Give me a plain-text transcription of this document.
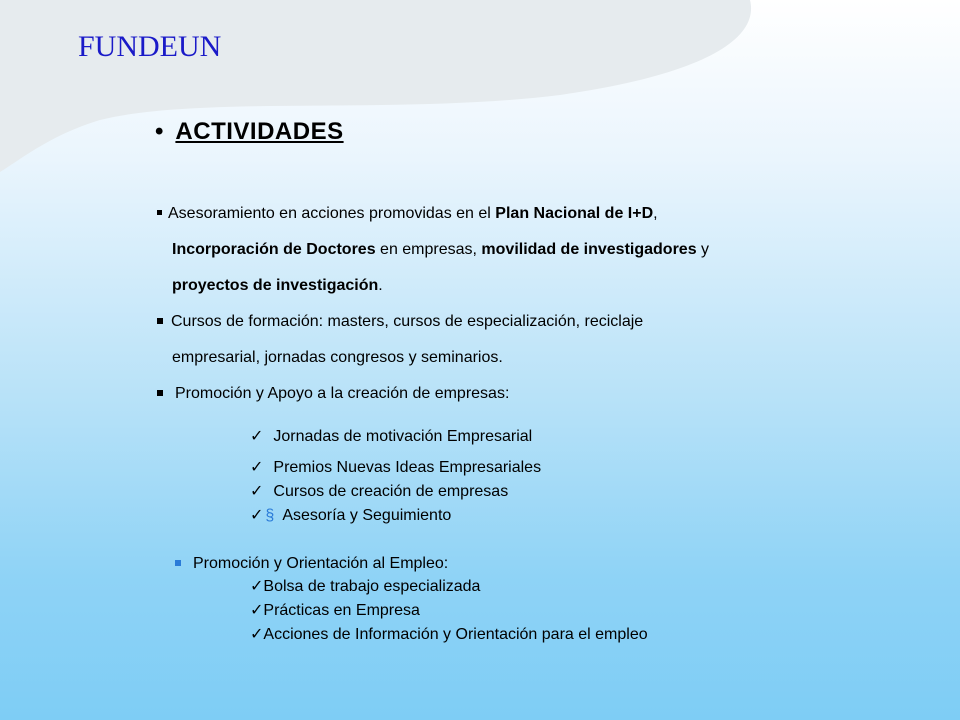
FUNDEUN
• ACTIVIDADES
Asesoramiento en acciones promovidas en el Plan Nacional de I+D,
Incorporación de Doctores en empresas, movilidad de investigadores y
proyectos de investigación.
Cursos de formación: masters, cursos de especialización, reciclaje
empresarial, jornadas congresos y seminarios.
Promoción y Apoyo a la creación de empresas:
✓ Jornadas de motivación Empresarial
✓ Premios Nuevas Ideas Empresariales
✓ Cursos de creación de empresas
✓ § Asesoría y Seguimiento
Promoción y Orientación al Empleo:
✓Bolsa de trabajo especializada
✓Prácticas en Empresa
✓Acciones de Información y Orientación para el empleo
